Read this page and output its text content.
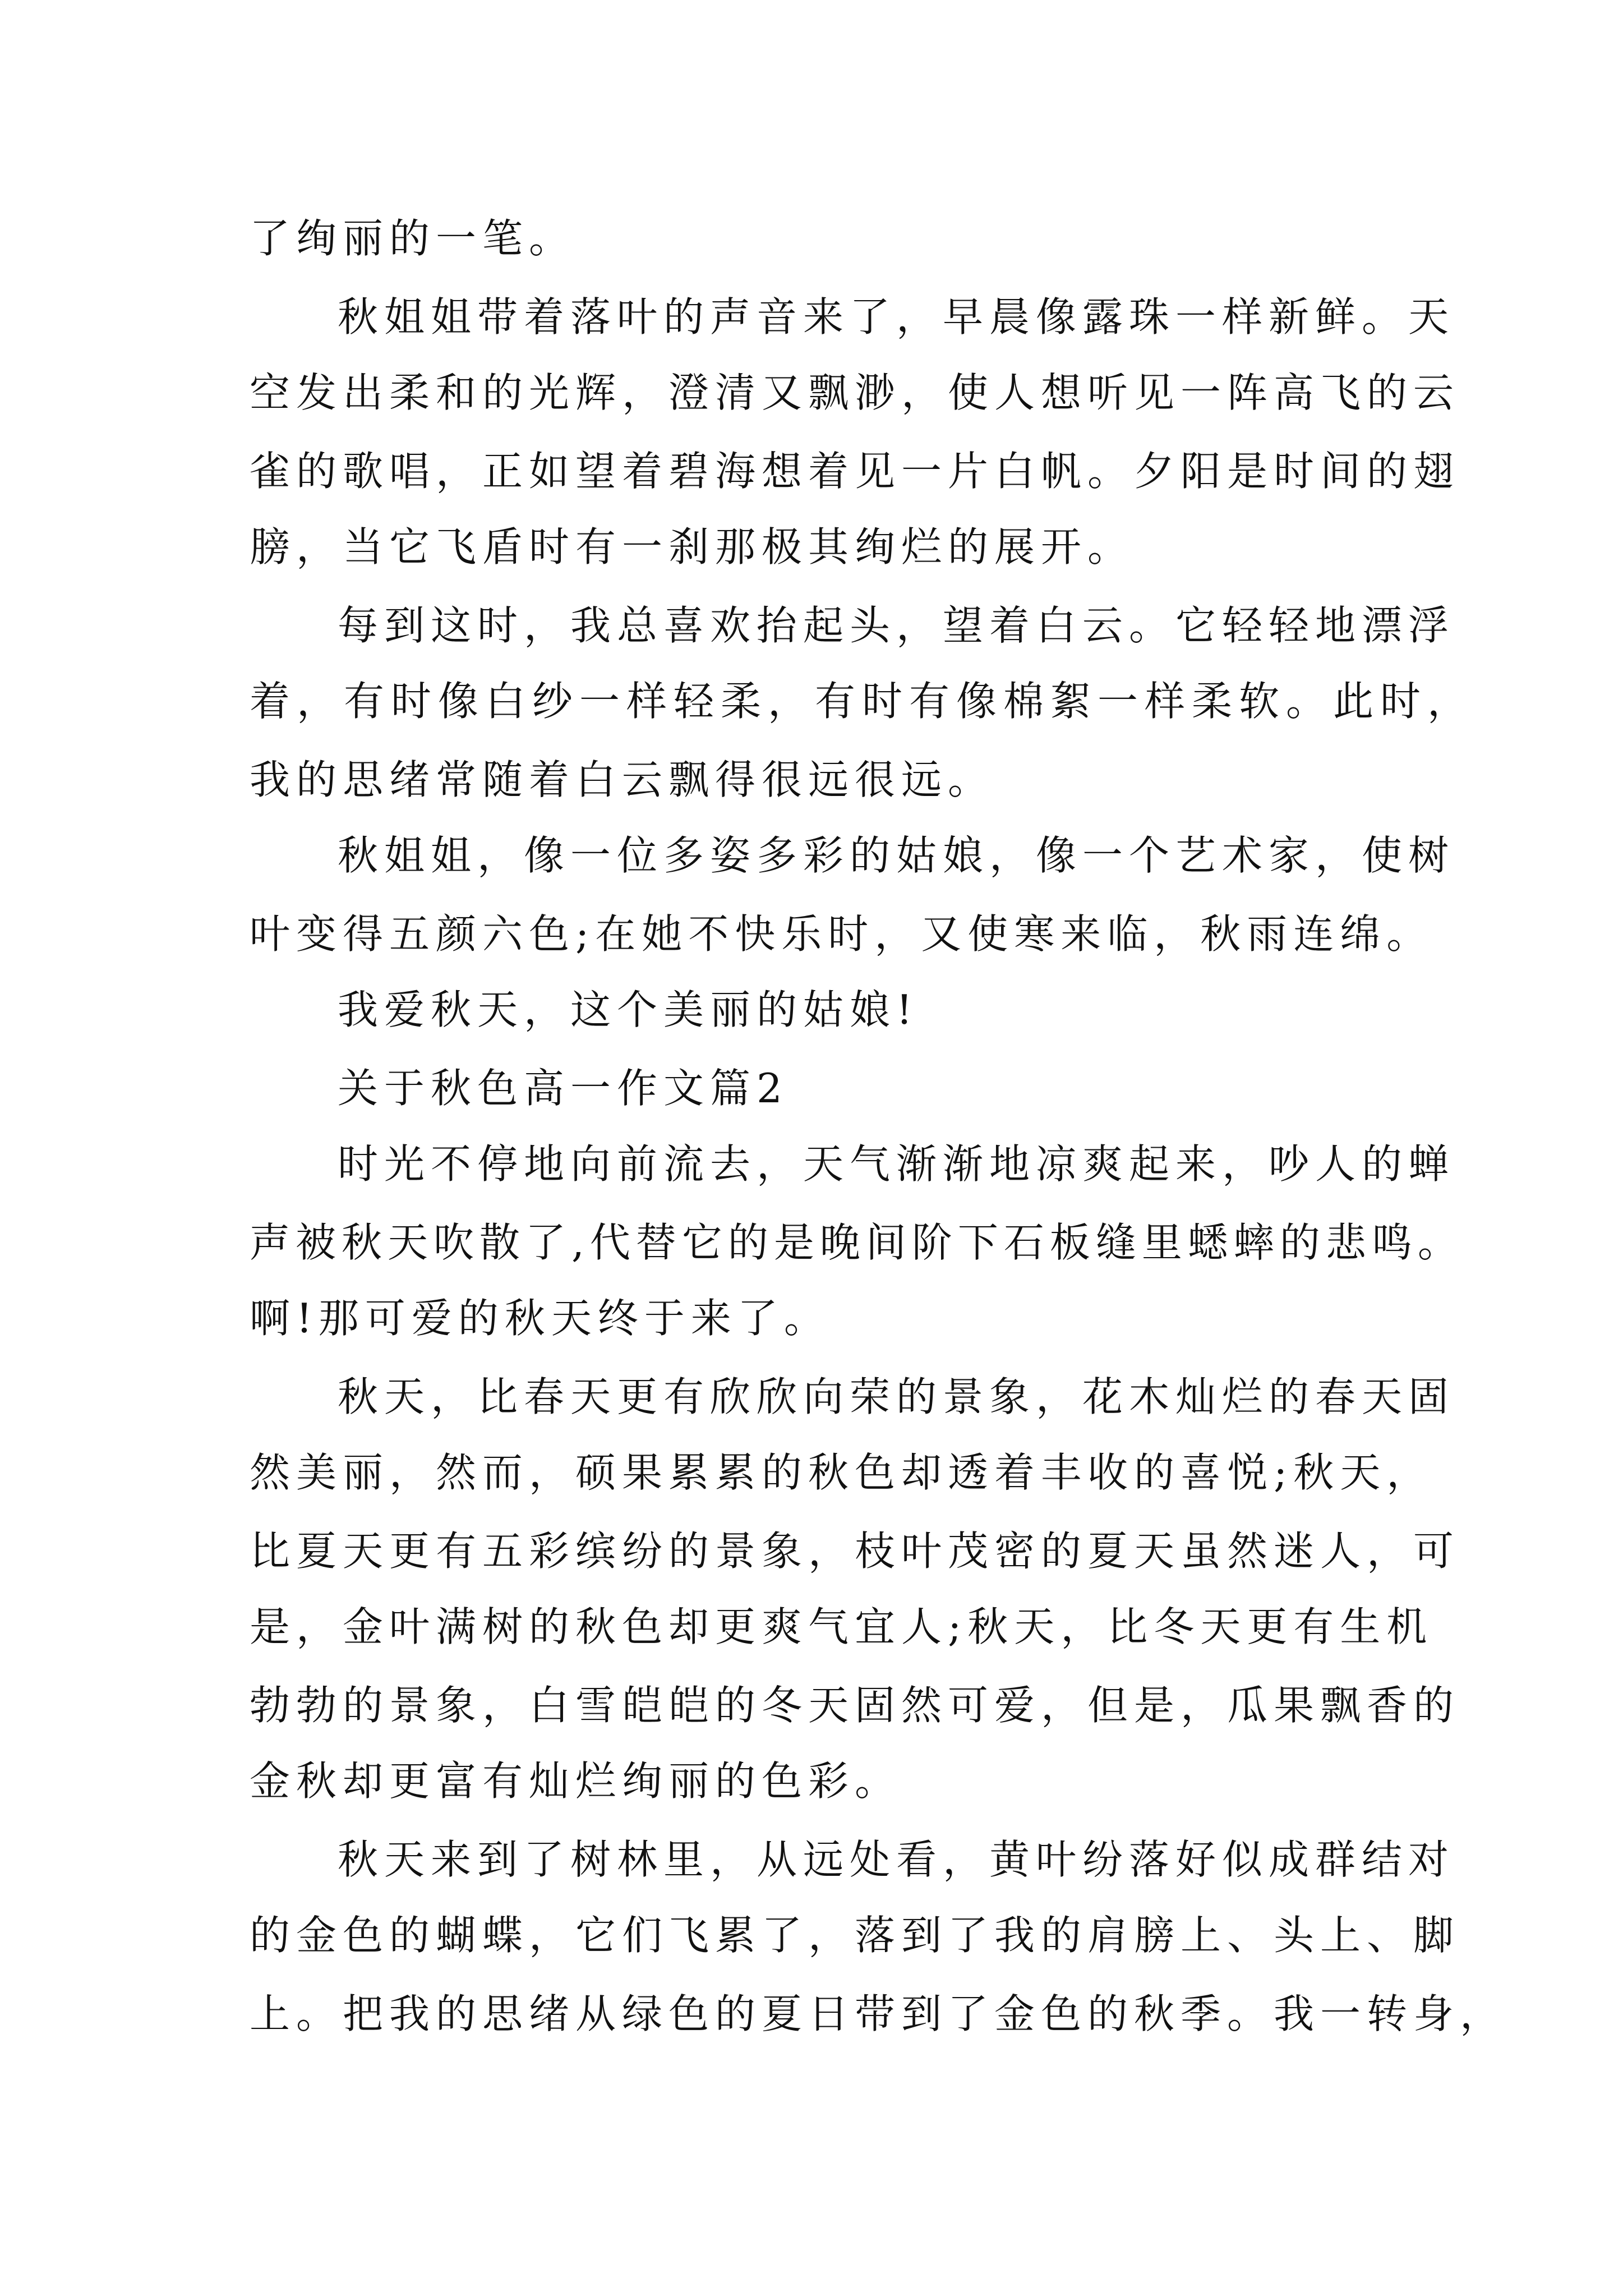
了绚丽的一笔。
秋姐姐带着落叶的声音来了，早晨像露珠一样新鲜。天
空发出柔和的光辉，澄清又飘渺，使人想听见一阵高飞的云
雀的歌唱，正如望着碧海想着见一片白帆。夕阳是时间的翅
膀，当它飞盾时有一刹那极其绚烂的展开。
每到这时，我总喜欢抬起头，望着白云。它轻轻地漂浮
着，有时像白纱一样轻柔，有时有像棉絮一样柔软。此时，
我的思绪常随着白云飘得很远很远。
秋姐姐，像一位多姿多彩的姑娘，像一个艺术家，使树
叶变得五颜六色;在她不快乐时，又使寒来临，秋雨连绵。
我爱秋天，这个美丽的姑娘!
关于秋色高一作文篇2
时光不停地向前流去，天气渐渐地凉爽起来，吵人的蝉
声被秋天吹散了,代替它的是晚间阶下石板缝里蟋蟀的悲鸣。
啊!那可爱的秋天终于来了。
秋天，比春天更有欣欣向荣的景象，花木灿烂的春天固
然美丽，然而，硕果累累的秋色却透着丰收的喜悦;秋天，
比夏天更有五彩缤纷的景象，枝叶茂密的夏天虽然迷人，可
是，金叶满树的秋色却更爽气宜人;秋天，比冬天更有生机
勃勃的景象，白雪皑皑的冬天固然可爱，但是，瓜果飘香的
金秋却更富有灿烂绚丽的色彩。
秋天来到了树林里，从远处看，黄叶纷落好似成群结对
的金色的蝴蝶，它们飞累了，落到了我的肩膀上、头上、脚
上。把我的思绪从绿色的夏日带到了金色的秋季。我一转身，
